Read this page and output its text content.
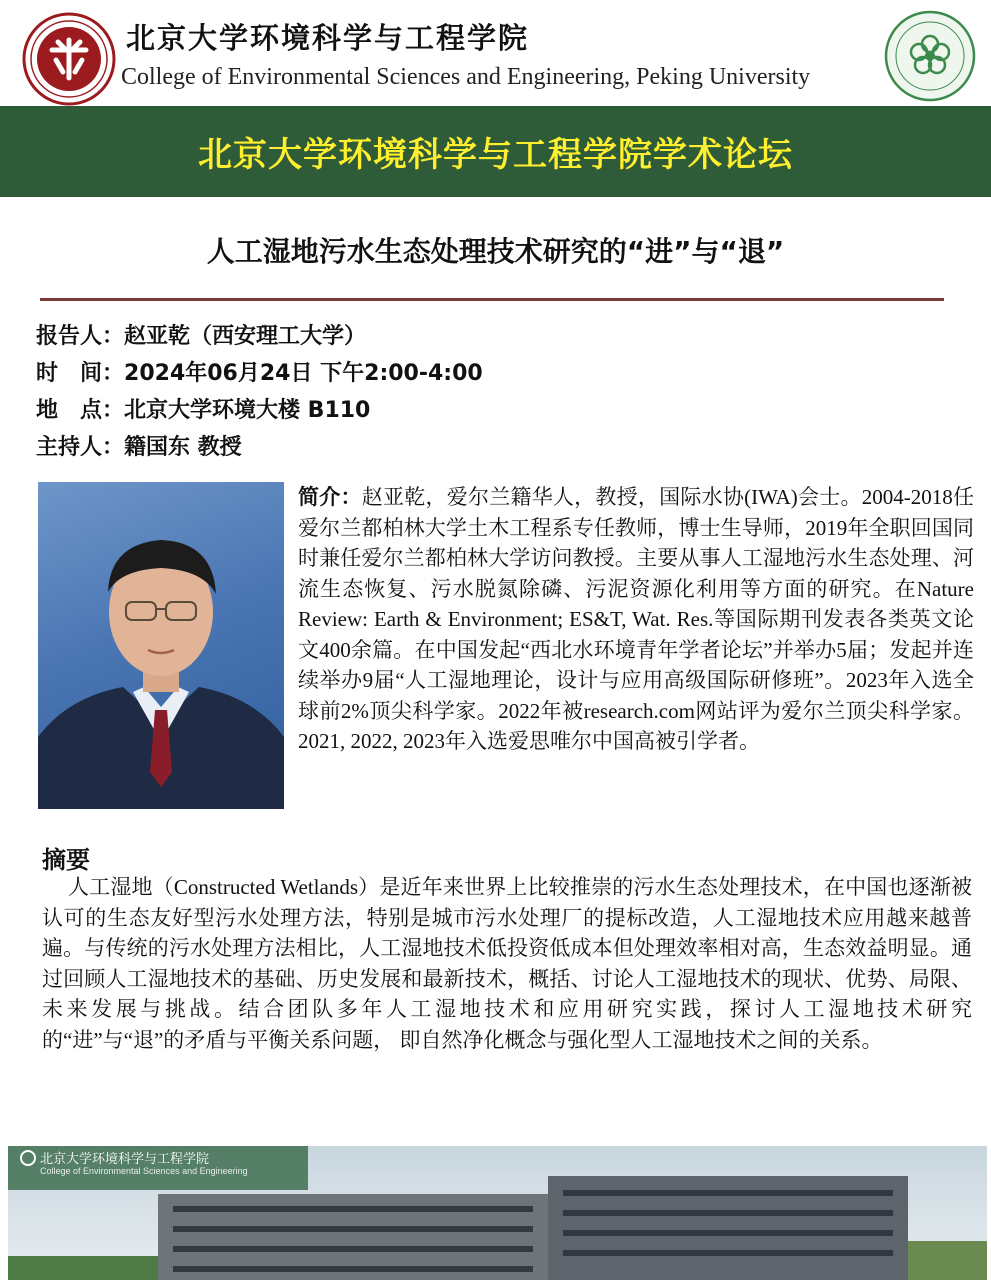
北京大学环境科学与工程学院
College of Environmental Sciences and Engineering, Peking University
北京大学环境科学与工程学院学术论坛
人工湿地污水生态处理技术研究的“进”与“退”
报告人：赵亚乾（西安理工大学）
时　间：2024年06月24日 下午2:00-4:00
地　点：北京大学环境大楼 B110
主持人：籍国东 教授
简介：赵亚乾，爱尔兰籍华人，教授，国际水协(IWA)会士。2004-2018任爱尔兰都柏林大学土木工程系专任教师，博士生导师，2019年全职回国同时兼任爱尔兰都柏林大学访问教授。主要从事人工湿地污水生态处理、河流生态恢复、污水脱氮除磷、污泥资源化利用等方面的研究。在Nature Review: Earth & Environment; ES&T, Wat. Res.等国际期刊发表各类英文论文400余篇。在中国发起“西北水环境青年学者论坛”并举办5届；发起并连续举办9届“人工湿地理论，设计与应用高级国际研修班”。2023年入选全球前2%顶尖科学家。2022年被research.com网站评为爱尔兰顶尖科学家。2021, 2022, 2023年入选爱思唯尔中国高被引学者。
摘要
人工湿地（Constructed Wetlands）是近年来世界上比较推崇的污水生态处理技术，在中国也逐渐被认可的生态友好型污水处理方法，特别是城市污水处理厂的提标改造，人工湿地技术应用越来越普遍。与传统的污水处理方法相比，人工湿地技术低投资低成本但处理效率相对高，生态效益明显。通过回顾人工湿地技术的基础、历史发展和最新技术，概括、讨论人工湿地技术的现状、优势、局限、未来发展与挑战。结合团队多年人工湿地技术和应用研究实践，探讨人工湿地技术研究的“进”与“退”的矛盾与平衡关系问题， 即自然净化概念与强化型人工湿地技术之间的关系。
北京大学环境科学与工程学院
College of Environmental Sciences and Engineering
